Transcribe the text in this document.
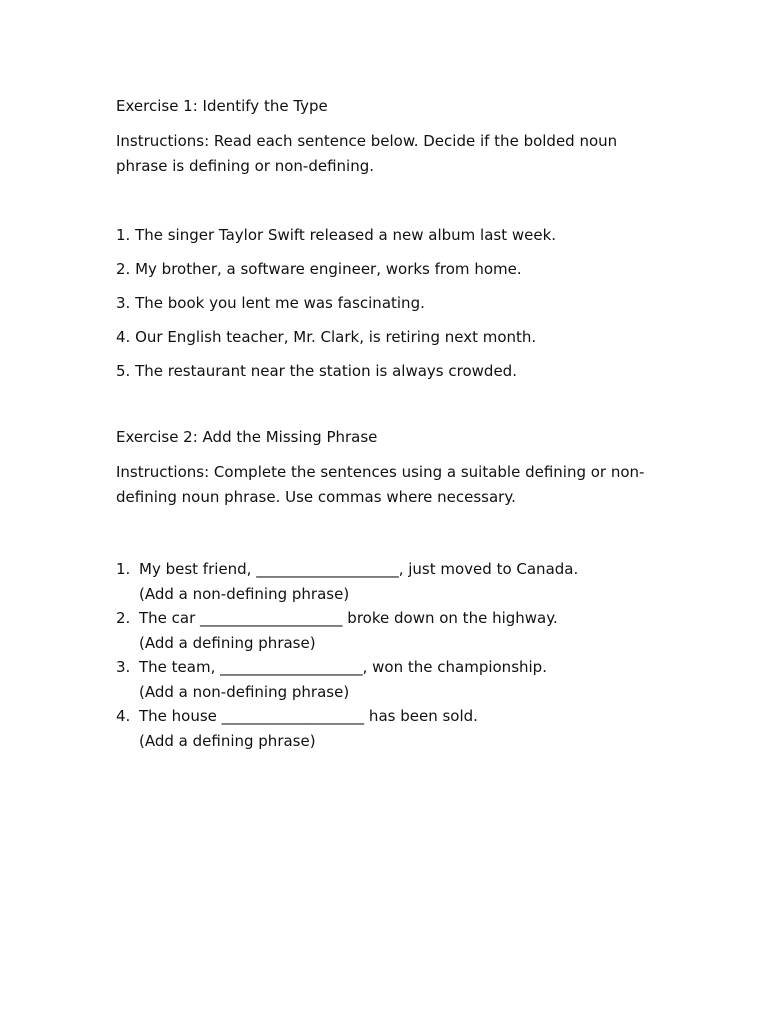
Exercise 1: Identify the Type
Instructions: Read each sentence below. Decide if the bolded noun phrase is defining or non-defining.
1. The singer Taylor Swift released a new album last week.
2. My brother, a software engineer, works from home.
3. The book you lent me was fascinating.
4. Our English teacher, Mr. Clark, is retiring next month.
5. The restaurant near the station is always crowded.
Exercise 2: Add the Missing Phrase
Instructions: Complete the sentences using a suitable defining or non-defining noun phrase. Use commas where necessary.
1. My best friend, ___________________, just moved to Canada.
(Add a non-defining phrase)
2. The car ___________________ broke down on the highway.
(Add a defining phrase)
3. The team, ___________________, won the championship.
(Add a non-defining phrase)
4. The house ___________________ has been sold.
(Add a defining phrase)
